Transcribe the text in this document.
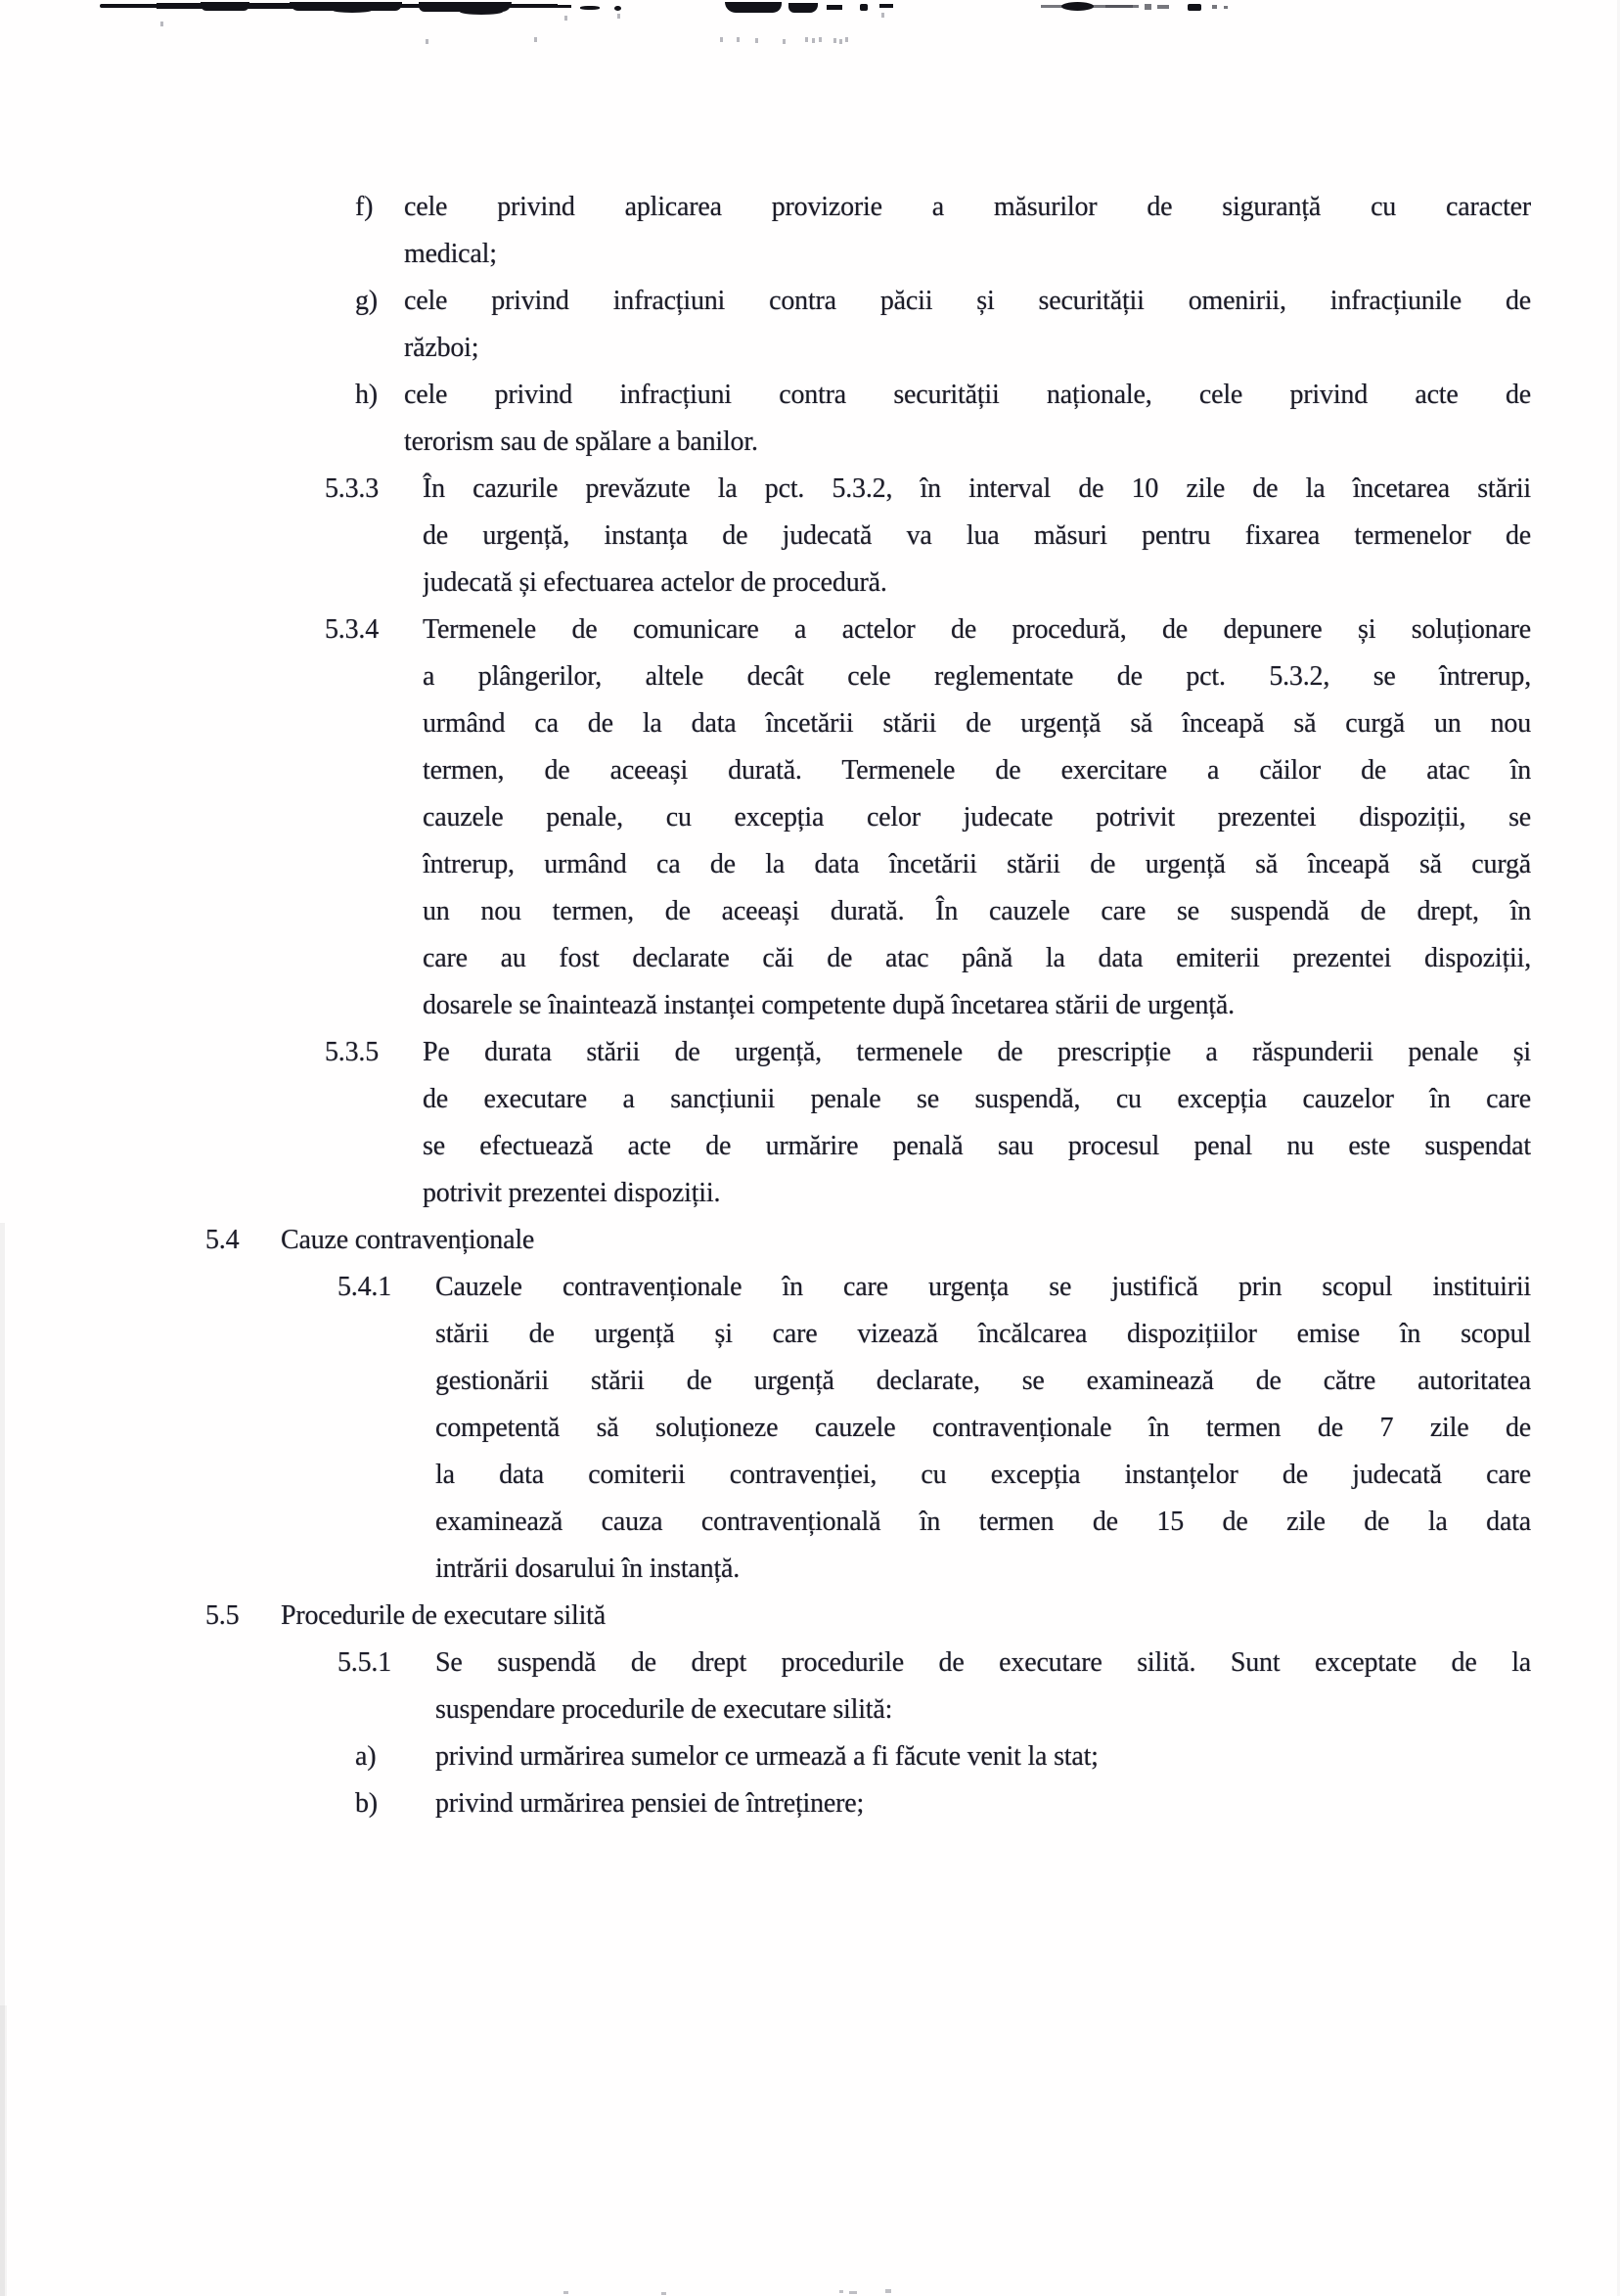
f) cele privind aplicarea provizorie a măsurilor de siguranță cu caracter
medical;
g) cele privind infracțiuni contra păcii și securității omenirii, infracțiunile de
război;
h) cele privind infracțiuni contra securității naționale, cele privind acte de
terorism sau de spălare a banilor.
5.3.3 În cazurile prevăzute la pct. 5.3.2, în interval de 10 zile de la încetarea stării
de urgență, instanța de judecată va lua măsuri pentru fixarea termenelor de
judecată și efectuarea actelor de procedură.
5.3.4 Termenele de comunicare a actelor de procedură, de depunere și soluționare
a plângerilor, altele decât cele reglementate de pct. 5.3.2, se întrerup,
urmând ca de la data încetării stării de urgență să înceapă să curgă un nou
termen, de aceeași durată. Termenele de exercitare a căilor de atac în
cauzele penale, cu excepția celor judecate potrivit prezentei dispoziții, se
întrerup, urmând ca de la data încetării stării de urgență să înceapă să curgă
un nou termen, de aceeași durată. În cauzele care se suspendă de drept, în
care au fost declarate căi de atac până la data emiterii prezentei dispoziții,
dosarele se înaintează instanței competente după încetarea stării de urgență.
5.3.5 Pe durata stării de urgență, termenele de prescripție a răspunderii penale și
de executare a sancțiunii penale se suspendă, cu excepția cauzelor în care
se efectuează acte de urmărire penală sau procesul penal nu este suspendat
potrivit prezentei dispoziții.
5.4 Cauze contravenționale
5.4.1 Cauzele contravenționale în care urgența se justifică prin scopul instituirii
stării de urgență și care vizează încălcarea dispozițiilor emise în scopul
gestionării stării de urgență declarate, se examinează de către autoritatea
competentă să soluționeze cauzele contravenționale în termen de 7 zile de
la data comiterii contravenției, cu excepția instanțelor de judecată care
examinează cauza contravențională în termen de 15 de zile de la data
intrării dosarului în instanță.
5.5 Procedurile de executare silită
5.5.1 Se suspendă de drept procedurile de executare silită. Sunt exceptate de la
suspendare procedurile de executare silită:
a) privind urmărirea sumelor ce urmează a fi făcute venit la stat;
b) privind urmărirea pensiei de întreținere;
